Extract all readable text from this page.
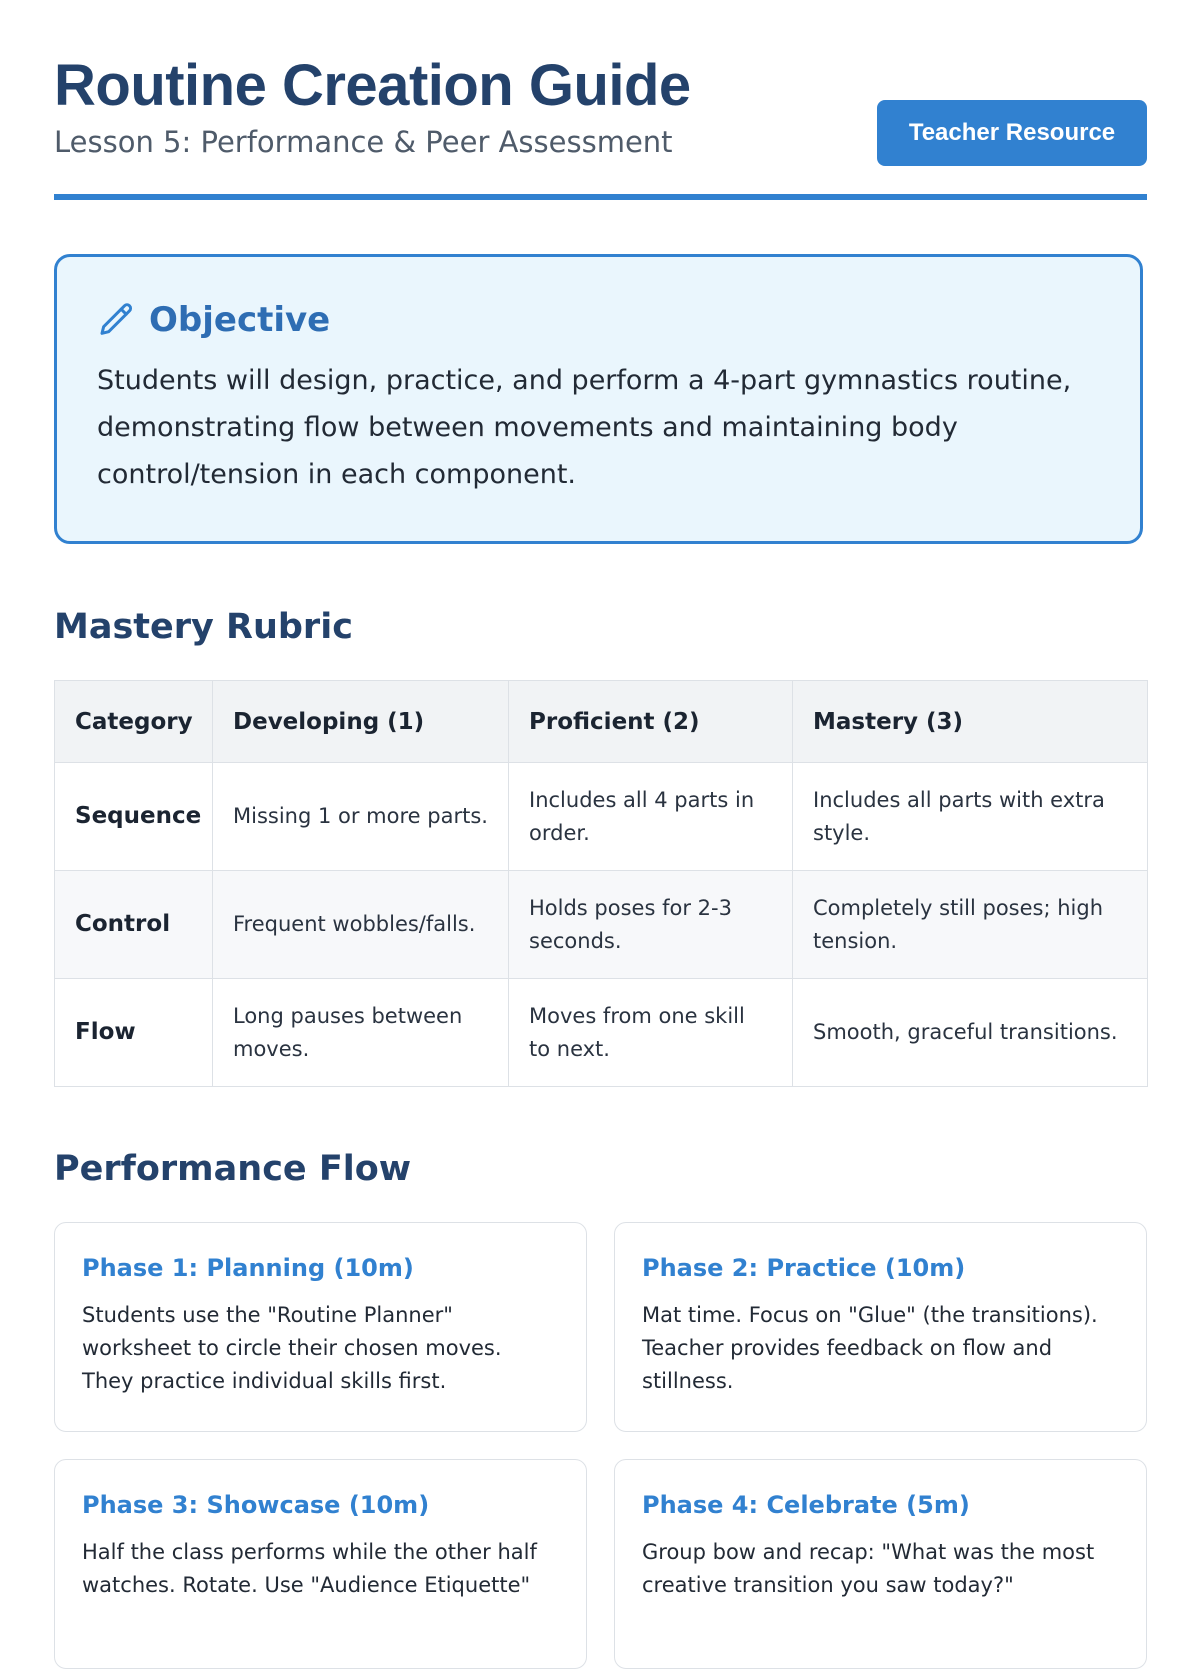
Routine Creation Guide
Lesson 5: Performance & Peer Assessment	Teacher Resource
Objective
Students will design, practice, and perform a 4-part gymnastics routine, demonstrating flow between movements and maintaining body control/tension in each component.
Mastery Rubric
Category	Developing (1)	Proficient (2)	Mastery (3)
Sequence	Missing 1 or more parts.	Includes all 4 parts in order.	Includes all parts with extra style.
Control	Frequent wobbles/falls.	Holds poses for 2-3 seconds.	Completely still poses; high tension.
Flow	Long pauses between moves.	Moves from one skill to next.	Smooth, graceful transitions.
Performance Flow
Phase 1: Planning (10m)
Students use the "Routine Planner" worksheet to circle their chosen moves. They practice individual skills first.
Phase 2: Practice (10m)
Mat time. Focus on "Glue" (the transitions). Teacher provides feedback on flow and stillness.
Phase 3: Showcase (10m)
Half the class performs while the other half watches. Rotate. Use "Audience Etiquette"
Phase 4: Celebrate (5m)
Group bow and recap: "What was the most creative transition you saw today?"
